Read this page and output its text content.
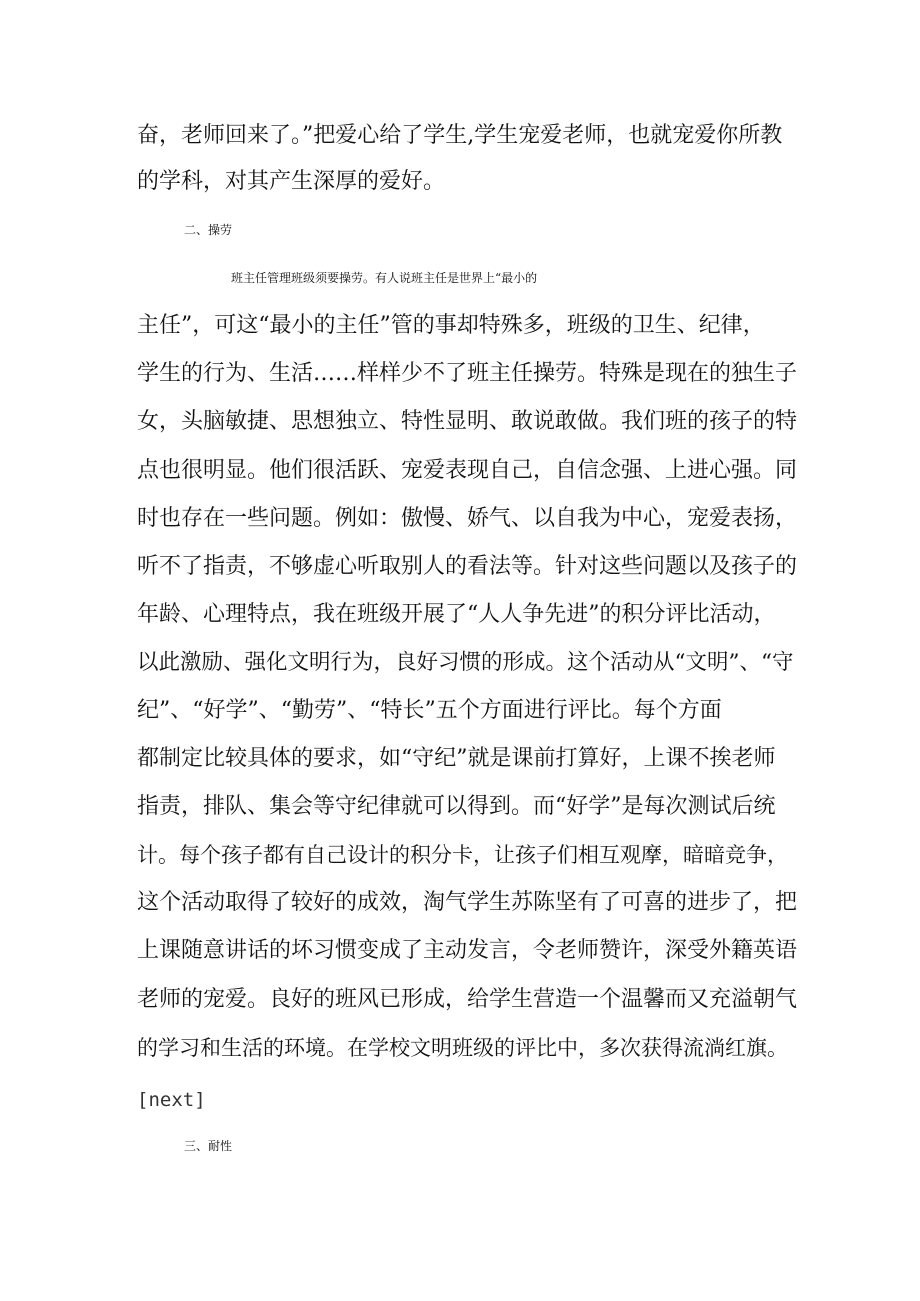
奋，老师回来了。”把爱心给了学生,学生宠爱老师，也就宠爱你所教
的学科，对其产生深厚的爱好。
二、操劳
班主任管理班级须要操劳。有人说班主任是世界上“最小的
主任”，可这“最小的主任”管的事却特殊多，班级的卫生、纪律，
学生的行为、生活……样样少不了班主任操劳。特殊是现在的独生子
女，头脑敏捷、思想独立、特性显明、敢说敢做。我们班的孩子的特
点也很明显。他们很活跃、宠爱表现自己，自信念强、上进心强。同
时也存在一些问题。例如：傲慢、娇气、以自我为中心，宠爱表扬，
听不了指责，不够虚心听取别人的看法等。针对这些问题以及孩子的
年龄、心理特点，我在班级开展了“人人争先进”的积分评比活动，
以此激励、强化文明行为，良好习惯的形成。这个活动从“文明”、“守
纪”、“好学”、“勤劳”、“特长”五个方面进行评比。每个方面
都制定比较具体的要求，如“守纪”就是课前打算好，上课不挨老师
指责，排队、集会等守纪律就可以得到。而“好学”是每次测试后统
计。每个孩子都有自己设计的积分卡，让孩子们相互观摩，暗暗竞争，
这个活动取得了较好的成效，淘气学生苏陈坚有了可喜的进步了，把
上课随意讲话的坏习惯变成了主动发言，令老师赞许，深受外籍英语
老师的宠爱。良好的班风已形成，给学生营造一个温馨而又充溢朝气
的学习和生活的环境。在学校文明班级的评比中，多次获得流淌红旗。
[next]
三、耐性
